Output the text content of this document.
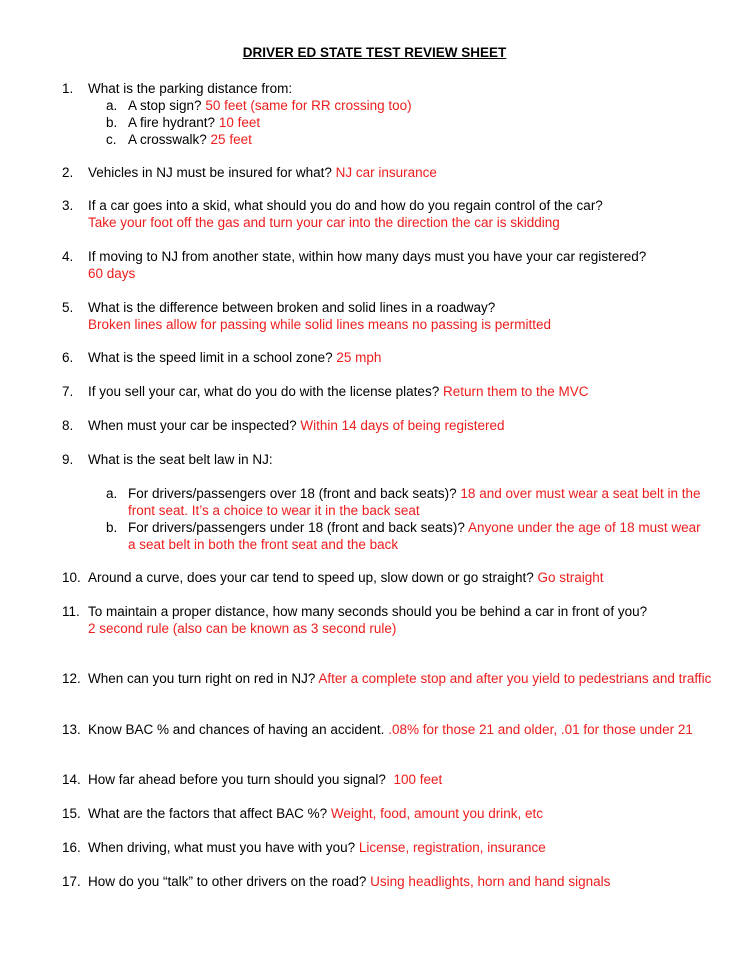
DRIVER ED STATE TEST REVIEW SHEET
1.	What is the parking distance from:
a. A stop sign? 50 feet (same for RR crossing too)
b. A fire hydrant? 10 feet
c. A crosswalk? 25 feet
2.	Vehicles in NJ must be insured for what? NJ car insurance
3.	If a car goes into a skid, what should you do and how do you regain control of the car?
Take your foot off the gas and turn your car into the direction the car is skidding
4.	If moving to NJ from another state, within how many days must you have your car registered?
60 days
5.	What is the difference between broken and solid lines in a roadway?
Broken lines allow for passing while solid lines means no passing is permitted
6.	What is the speed limit in a school zone? 25 mph
7.	If you sell your car, what do you do with the license plates? Return them to the MVC
8.	When must your car be inspected? Within 14 days of being registered
9.	What is the seat belt law in NJ:
a. For drivers/passengers over 18 (front and back seats)? 18 and over must wear a seat belt in the front seat. It’s a choice to wear it in the back seat
b. For drivers/passengers under 18 (front and back seats)? Anyone under the age of 18 must wear a seat belt in both the front seat and the back
10. Around a curve, does your car tend to speed up, slow down or go straight? Go straight
11. To maintain a proper distance, how many seconds should you be behind a car in front of you?
2 second rule (also can be known as 3 second rule)
12. When can you turn right on red in NJ? After a complete stop and after you yield to pedestrians and traffic
13. Know BAC % and chances of having an accident. .08% for those 21 and older, .01 for those under 21
14. How far ahead before you turn should you signal? 100 feet
15. What are the factors that affect BAC %? Weight, food, amount you drink, etc
16. When driving, what must you have with you? License, registration, insurance
17. How do you “talk” to other drivers on the road? Using headlights, horn and hand signals
